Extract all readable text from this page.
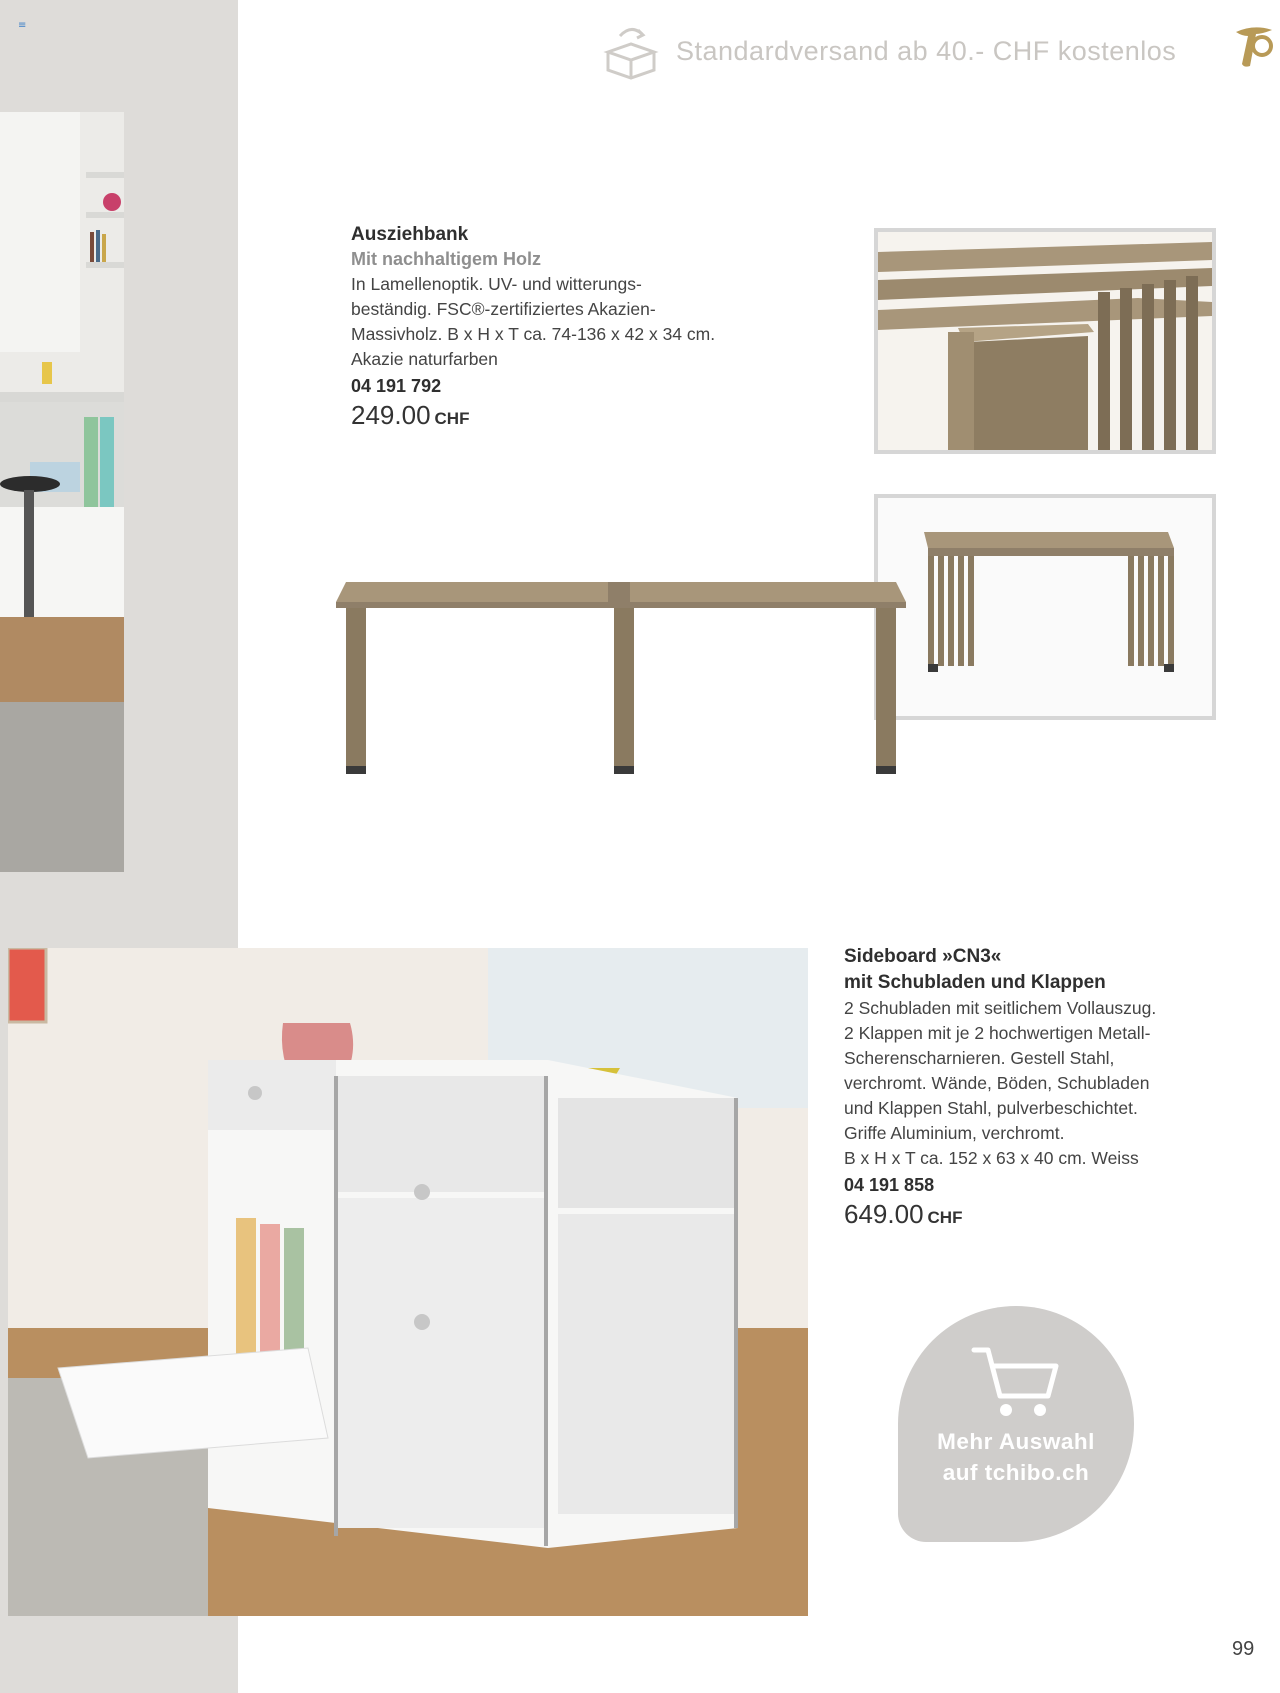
≡
Standardversand ab 40.- CHF kostenlos
Ausziehbank
Mit nachhaltigem Holz
In Lamellenoptik. UV- und witterungs-
beständig. FSC®-zertifiziertes Akazien-
Massivholz. B x H x T ca. 74-136 x 42 x 34 cm.
Akazie naturfarben
04 191 792
249.00 CHF
Sideboard »CN3«
mit Schubladen und Klappen
2 Schubladen mit seitlichem Vollauszug.
2 Klappen mit je 2 hochwertigen Metall-
Scherenscharnieren. Gestell Stahl,
verchromt. Wände, Böden, Schubladen
und Klappen Stahl, pulverbeschichtet.
Griffe Aluminium, verchromt.
B x H x T ca. 152 x 63 x 40 cm. Weiss
04 191 858
649.00 CHF
Mehr Auswahl
auf tchibo.ch
99
